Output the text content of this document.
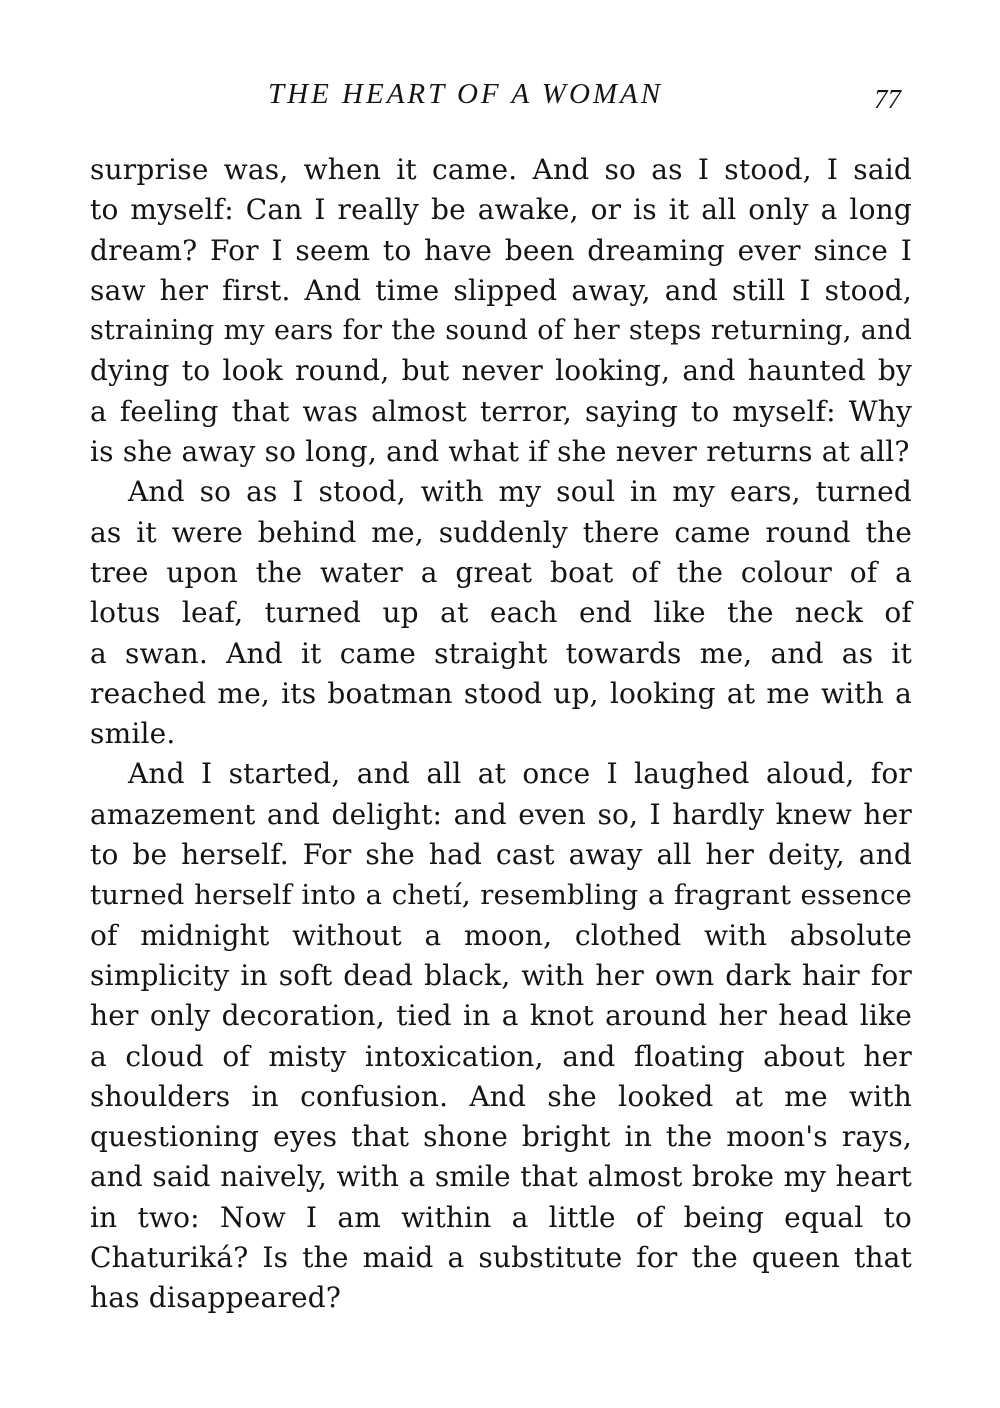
THE HEART OF A WOMAN	77
surprise was, when it came. And so as I stood, I said
to myself: Can I really be awake, or is it all only a long
dream? For I seem to have been dreaming ever since I
saw her first. And time slipped away, and still I stood,
straining my ears for the sound of her steps returning, and
dying to look round, but never looking, and haunted by
a feeling that was almost terror, saying to myself: Why
is she away so long, and what if she never returns at all?
And so as I stood, with my soul in my ears, turned
as it were behind me, suddenly there came round the
tree upon the water a great boat of the colour of a
lotus leaf, turned up at each end like the neck of
a swan. And it came straight towards me, and as it
reached me, its boatman stood up, looking at me with a
smile.
And I started, and all at once I laughed aloud, for
amazement and delight: and even so, I hardly knew her
to be herself. For she had cast away all her deity, and
turned herself into a chetí, resembling a fragrant essence
of midnight without a moon, clothed with absolute
simplicity in soft dead black, with her own dark hair for
her only decoration, tied in a knot around her head like
a cloud of misty intoxication, and floating about her
shoulders in confusion. And she looked at me with
questioning eyes that shone bright in the moon's rays,
and said naively, with a smile that almost broke my heart
in two: Now I am within a little of being equal to
Chaturiká? Is the maid a substitute for the queen that
has disappeared?
